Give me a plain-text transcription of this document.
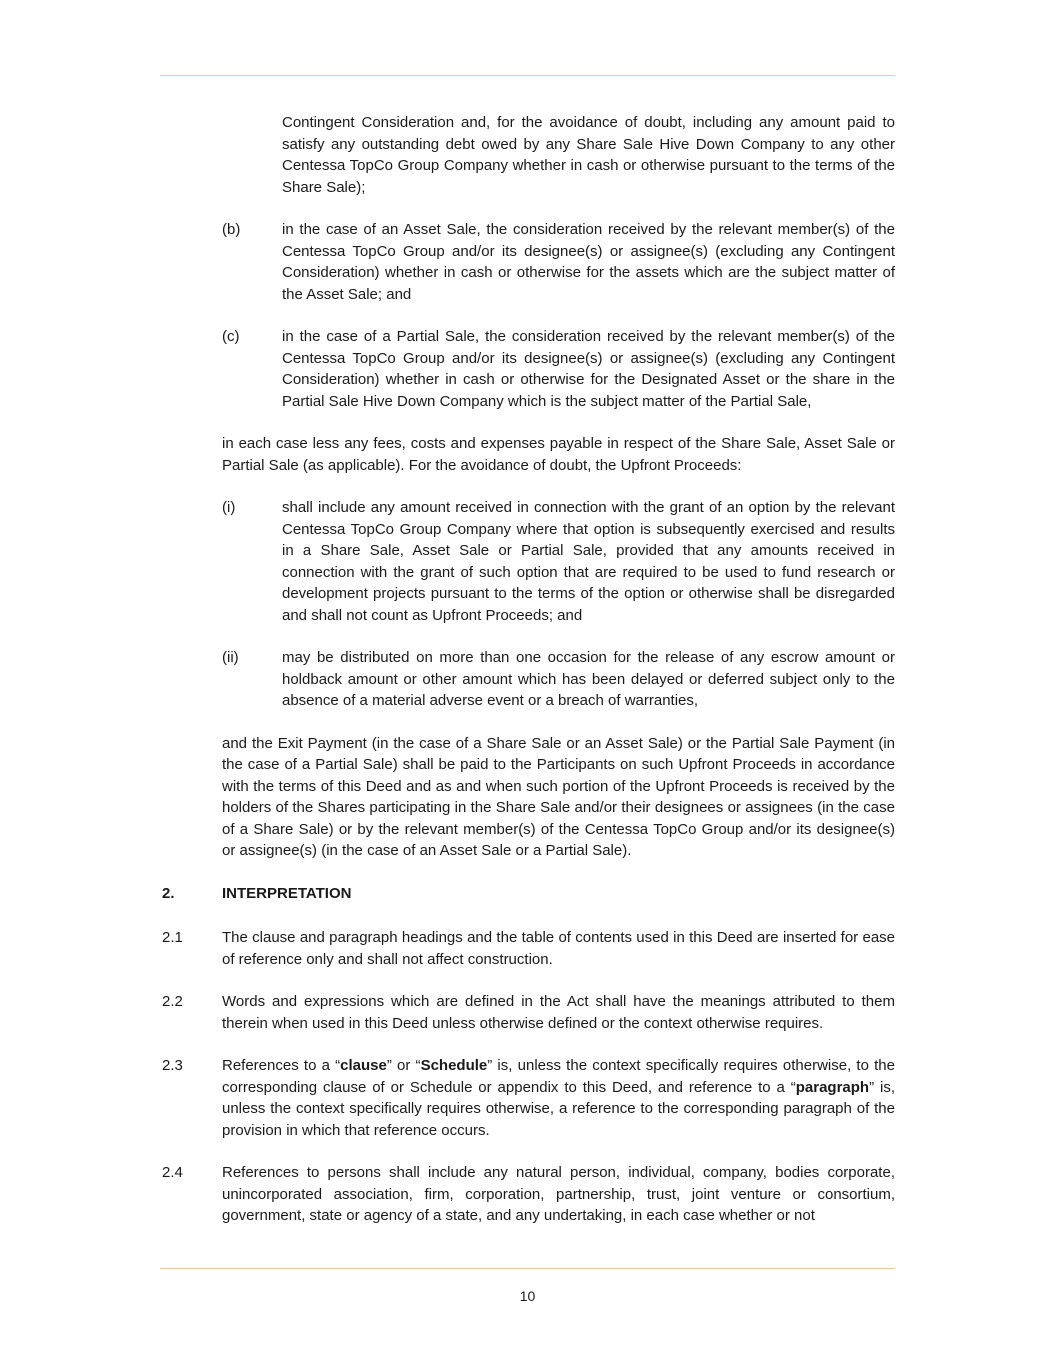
Contingent Consideration and, for the avoidance of doubt, including any amount paid to satisfy any outstanding debt owed by any Share Sale Hive Down Company to any other Centessa TopCo Group Company whether in cash or otherwise pursuant to the terms of the Share Sale);

(b)	in the case of an Asset Sale, the consideration received by the relevant member(s) of the Centessa TopCo Group and/or its designee(s) or assignee(s) (excluding any Contingent Consideration) whether in cash or otherwise for the assets which are the subject matter of the Asset Sale; and

(c)	in the case of a Partial Sale, the consideration received by the relevant member(s) of the Centessa TopCo Group and/or its designee(s) or assignee(s) (excluding any Contingent Consideration) whether in cash or otherwise for the Designated Asset or the share in the Partial Sale Hive Down Company which is the subject matter of the Partial Sale,

in each case less any fees, costs and expenses payable in respect of the Share Sale, Asset Sale or Partial Sale (as applicable). For the avoidance of doubt, the Upfront Proceeds:

(i)	shall include any amount received in connection with the grant of an option by the relevant Centessa TopCo Group Company where that option is subsequently exercised and results in a Share Sale, Asset Sale or Partial Sale, provided that any amounts received in connection with the grant of such option that are required to be used to fund research or development projects pursuant to the terms of the option or otherwise shall be disregarded and shall not count as Upfront Proceeds; and

(ii)	may be distributed on more than one occasion for the release of any escrow amount or holdback amount or other amount which has been delayed or deferred subject only to the absence of a material adverse event or a breach of warranties,

and the Exit Payment (in the case of a Share Sale or an Asset Sale) or the Partial Sale Payment (in the case of a Partial Sale) shall be paid to the Participants on such Upfront Proceeds in accordance with the terms of this Deed and as and when such portion of the Upfront Proceeds is received by the holders of the Shares participating in the Share Sale and/or their designees or assignees (in the case of a Share Sale) or by the relevant member(s) of the Centessa TopCo Group and/or its designee(s) or assignee(s) (in the case of an Asset Sale or a Partial Sale).

2.	INTERPRETATION
2.1	The clause and paragraph headings and the table of contents used in this Deed are inserted for ease of reference only and shall not affect construction.

2.2	Words and expressions which are defined in the Act shall have the meanings attributed to them therein when used in this Deed unless otherwise defined or the context otherwise requires.

2.3	References to a “clause” or “Schedule” is, unless the context specifically requires otherwise, to the corresponding clause of or Schedule or appendix to this Deed, and reference to a “paragraph” is, unless the context specifically requires otherwise, a reference to the corresponding paragraph of the provision in which that reference occurs.

2.4	References to persons shall include any natural person, individual, company, bodies corporate, unincorporated association, firm, corporation, partnership, trust, joint venture or consortium, government, state or agency of a state, and any undertaking, in each case whether or not

10
